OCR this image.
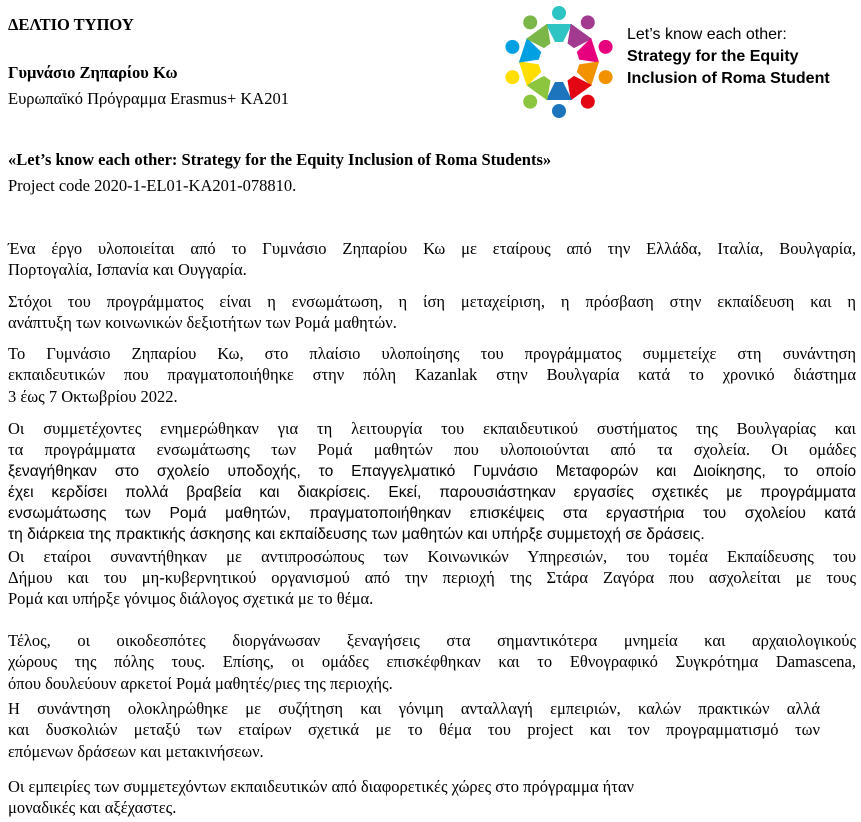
ΔΕΛΤΙΟ ΤΥΠΟΥ
Γυμνάσιο Ζηπαρίου Κω
Ευρωπαϊκό Πρόγραμμα Erasmus+ KA201
Let’s know each other:
Strategy for the Equity
Inclusion of Roma Student
«Let’s know each other: Strategy for the Equity Inclusion of Roma Students»
Project code 2020-1-EL01-KA201-078810.
Ένα έργο υλοποιείται από το Γυμνάσιο Ζηπαρίου Κω με εταίρους από την Ελλάδα, Ιταλία, Βουλγαρία,
Πορτογαλία, Ισπανία και Ουγγαρία.
Στόχοι του προγράμματος είναι η ενσωμάτωση, η ίση μεταχείριση, η πρόσβαση στην εκπαίδευση και η
ανάπτυξη των κοινωνικών δεξιοτήτων των Ρομά μαθητών.
Το Γυμνάσιο Ζηπαρίου Κω, στο πλαίσιο υλοποίησης του προγράμματος συμμετείχε στη συνάντηση
εκπαιδευτικών που πραγματοποιήθηκε στην πόλη Kazanlak στην Βουλγαρία κατά το χρονικό διάστημα
3 έως 7 Οκτωβρίου 2022.
Οι συμμετέχοντες ενημερώθηκαν για τη λειτουργία του εκπαιδευτικού συστήματος της Βουλγαρίας και
τα προγράμματα ενσωμάτωσης των Ρομά μαθητών που υλοποιούνται από τα σχολεία. Οι ομάδες
ξεναγήθηκαν στο σχολείο υποδοχής, το Επαγγελματικό Γυμνάσιο Μεταφορών και Διοίκησης, το οποίο
έχει κερδίσει πολλά βραβεία και διακρίσεις. Εκεί, παρουσιάστηκαν εργασίες σχετικές με προγράμματα
ενσωμάτωσης των Ρομά μαθητών, πραγματοποιήθηκαν επισκέψεις στα εργαστήρια του σχολείου κατά
τη διάρκεια της πρακτικής άσκησης και εκπαίδευσης των μαθητών και υπήρξε συμμετοχή σε δράσεις.
Οι εταίροι συναντήθηκαν με αντιπροσώπους των Κοινωνικών Υπηρεσιών, του τομέα Εκπαίδευσης του
Δήμου και του μη-κυβερνητικού οργανισμού από την περιοχή της Στάρα Ζαγόρα που ασχολείται με τους
Ρομά και υπήρξε γόνιμος διάλογος σχετικά με το θέμα.
Τέλος, οι οικοδεσπότες διοργάνωσαν ξεναγήσεις στα σημαντικότερα μνημεία και αρχαιολογικούς
χώρους της πόλης τους. Επίσης, οι ομάδες επισκέφθηκαν και το Εθνογραφικό Συγκρότημα Damascena,
όπου δουλεύουν αρκετοί Ρομά μαθητές/ριες της περιοχής.
Η συνάντηση ολοκληρώθηκε με συζήτηση και γόνιμη ανταλλαγή εμπειριών, καλών πρακτικών αλλά
και δυσκολιών μεταξύ των εταίρων σχετικά με το θέμα του project και τον προγραμματισμό των
επόμενων δράσεων και μετακινήσεων.
Οι εμπειρίες των συμμετεχόντων εκπαιδευτικών από διαφορετικές χώρες στο πρόγραμμα ήταν
μοναδικές και αξέχαστες.
